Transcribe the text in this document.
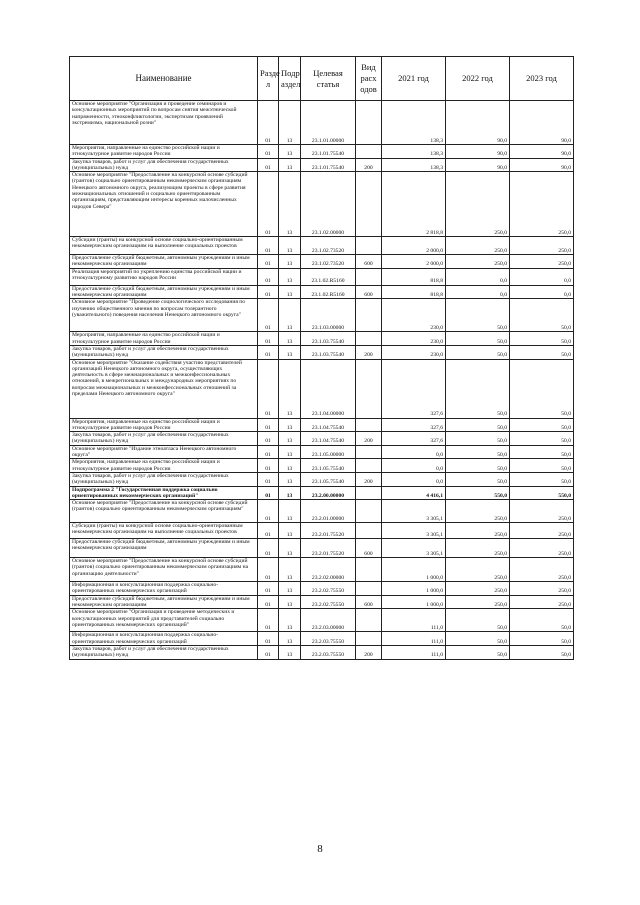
Наименование	Разде л	Подр аздел	Целевая статья	Вид расх одов	2021 год	2022 год	2023 год
Основное мероприятие "Организация и проведение семинаров и консультационных мероприятий по вопросам снятия межэтнической напряженности, этноконфликтологии, экспертизам проявлений экстремизма, национальной розни"	01	13	23.1.01.00000		138,3	90,0	90,0
Мероприятия, направленные на единство российской нации и этнокультурное развитие народов России	01	13	23.1.01.75540		138,3	90,0	90,0
Закупка товаров, работ и услуг для обеспечения государственных (муниципальных) нужд	01	13	23.1.01.75540	200	138,3	90,0	90,0
Основное мероприятие "Предоставление на конкурсной основе субсидий (грантов) социально ориентированным некоммерческим организациям Ненецкого автономного округа, реализующим проекты в сфере развития межнациональных отношений и социально ориентированным организациям, представляющим интересы коренных малочисленных народов Севера"	01	13	23.1.02.00000		2 818,8	250,0	250,0
Субсидии (гранты) на конкурсной основе социально-ориентированным некоммерческим организациям на выполнение социальных проектов	01	13	23.1.02.73520		2 000,0	250,0	250,0
Предоставление субсидий бюджетным, автономным учреждениям и иным некоммерческим организациям	01	13	23.1.02.73520	600	2 000,0	250,0	250,0
Реализация мероприятий по укреплению единства российской нации и этнокультурному развитию народов России	01	13	23.1.02.R5160		818,8	0,0	0,0
Предоставление субсидий бюджетным, автономным учреждениям и иным некоммерческим организациям	01	13	23.1.02.R5160	600	818,8	0,0	0,0
Основное мероприятие "Проведение социологического исследования по изучению общественного мнения по вопросам толерантного (уважительного) поведения населения Ненецкого автономного округа"	01	13	23.1.03.00000		230,0	50,0	50,0
Мероприятия, направленные на единство российской нации и этнокультурное развитие народов России	01	13	23.1.03.75540		230,0	50,0	50,0
Закупка товаров, работ и услуг для обеспечения государственных (муниципальных) нужд	01	13	23.1.03.75540	200	230,0	50,0	50,0
Основное мероприятие "Оказание содействия участию представителей организаций Ненецкого автономного округа, осуществляющих деятельность в сфере межнациональных и межконфессиональных отношений, в межрегиональных и международных мероприятиях по вопросам межнациональных и межконфессиональных отношений за пределами Ненецкого автономного округа"	01	13	23.1.04.00000		327,6	50,0	50,0
Мероприятия, направленные на единство российской нации и этнокультурное развитие народов России	01	13	23.1.04.75540		327,6	50,0	50,0
Закупка товаров, работ и услуг для обеспечения государственных (муниципальных) нужд	01	13	23.1.04.75540	200	327,6	50,0	50,0
Основное мероприятие "Издание этноатласа Ненецкого автономного округа"	01	13	23.1.05.00000		0,0	50,0	50,0
Мероприятия, направленные на единство российской нации и этнокультурное развитие народов России	01	13	23.1.05.75540		0,0	50,0	50,0
Закупка товаров, работ и услуг для обеспечения государственных (муниципальных) нужд	01	13	23.1.05.75540	200	0,0	50,0	50,0
Подпрограмма 2 "Государственная поддержка социально ориентированных некоммерческих организаций"	01	13	23.2.00.00000		4 416,1	550,0	550,0
Основное мероприятие "Предоставление на конкурсной основе субсидий (грантов) социально ориентированным некоммерческим организациям"	01	13	23.2.01.00000		3 305,1	250,0	250,0
Субсидии (гранты) на конкурсной основе социально-ориентированным некоммерческим организациям на выполнение социальных проектов	01	13	23.2.01.75520		3 305,1	250,0	250,0
Предоставление субсидий бюджетным, автономным учреждениям и иным некоммерческим организациям	01	13	23.2.01.75520	600	3 305,1	250,0	250,0
Основное мероприятие "Предоставление на конкурсной основе субсидий (грантов) социально ориентированным некоммерческим организациям на организацию деятельности"	01	13	23.2.02.00000		1 000,0	250,0	250,0
Информационная и консультационная поддержка социально-ориентированных некоммерческих организаций	01	13	23.2.02.75550		1 000,0	250,0	250,0
Предоставление субсидий бюджетным, автономным учреждениям и иным некоммерческим организациям	01	13	23.2.02.75550	600	1 000,0	250,0	250,0
Основное мероприятие "Организация и проведение методических и консультационных мероприятий для представителей социально ориентированных некоммерческих организаций"	01	13	23.2.03.00000		111,0	50,0	50,0
Информационная и консультационная поддержка социально-ориентированных некоммерческих организаций	01	13	23.2.03.75550		111,0	50,0	50,0
Закупка товаров, работ и услуг для обеспечения государственных (муниципальных) нужд	01	13	23.2.03.75550	200	111,0	50,0	50,0
8
